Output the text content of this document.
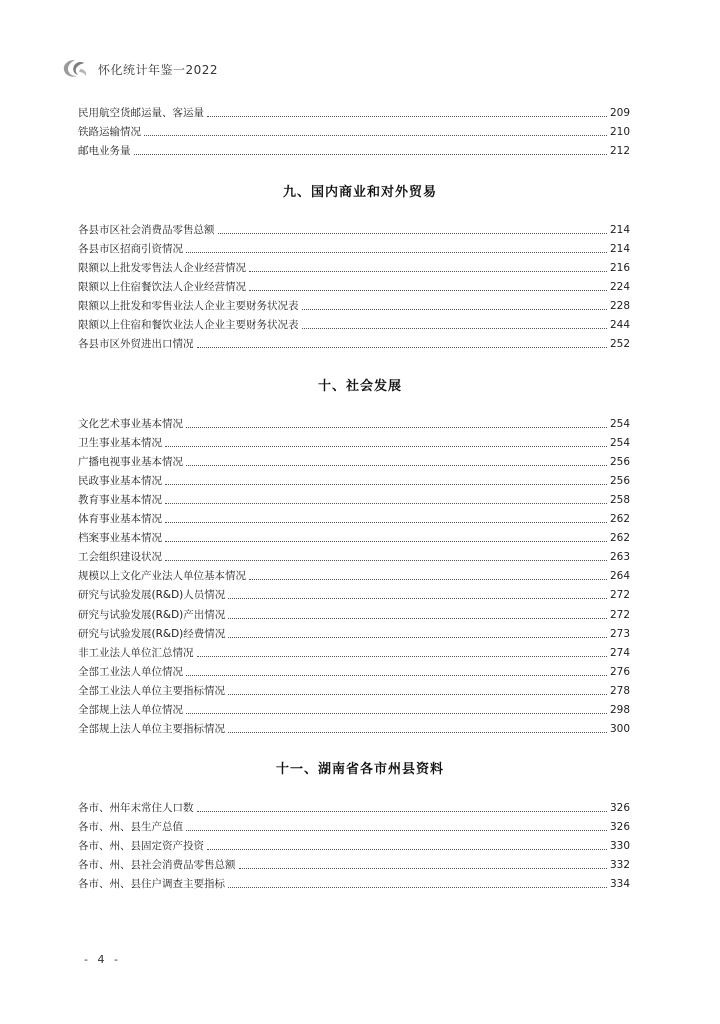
怀化统计年鉴一2022
民用航空货邮运量、客运量	209
铁路运输情况	210
邮电业务量	212
九、国内商业和对外贸易
各县市区社会消费品零售总额	214
各县市区招商引资情况	214
限额以上批发零售法人企业经营情况	216
限额以上住宿餐饮法人企业经营情况	224
限额以上批发和零售业法人企业主要财务状况表	228
限额以上住宿和餐饮业法人企业主要财务状况表	244
各县市区外贸进出口情况	252
十、社会发展
文化艺术事业基本情况	254
卫生事业基本情况	254
广播电视事业基本情况	256
民政事业基本情况	256
教育事业基本情况	258
体育事业基本情况	262
档案事业基本情况	262
工会组织建设状况	263
规模以上文化产业法人单位基本情况	264
研究与试验发展(R&D)人员情况	272
研究与试验发展(R&D)产出情况	272
研究与试验发展(R&D)经费情况	273
非工业法人单位汇总情况	274
全部工业法人单位情况	276
全部工业法人单位主要指标情况	278
全部规上法人单位情况	298
全部规上法人单位主要指标情况	300
十一、湖南省各市州县资料
各市、州年末常住人口数	326
各市、州、县生产总值	326
各市、州、县固定资产投资	330
各市、州、县社会消费品零售总额	332
各市、州、县住户调查主要指标	334
- 4 -
